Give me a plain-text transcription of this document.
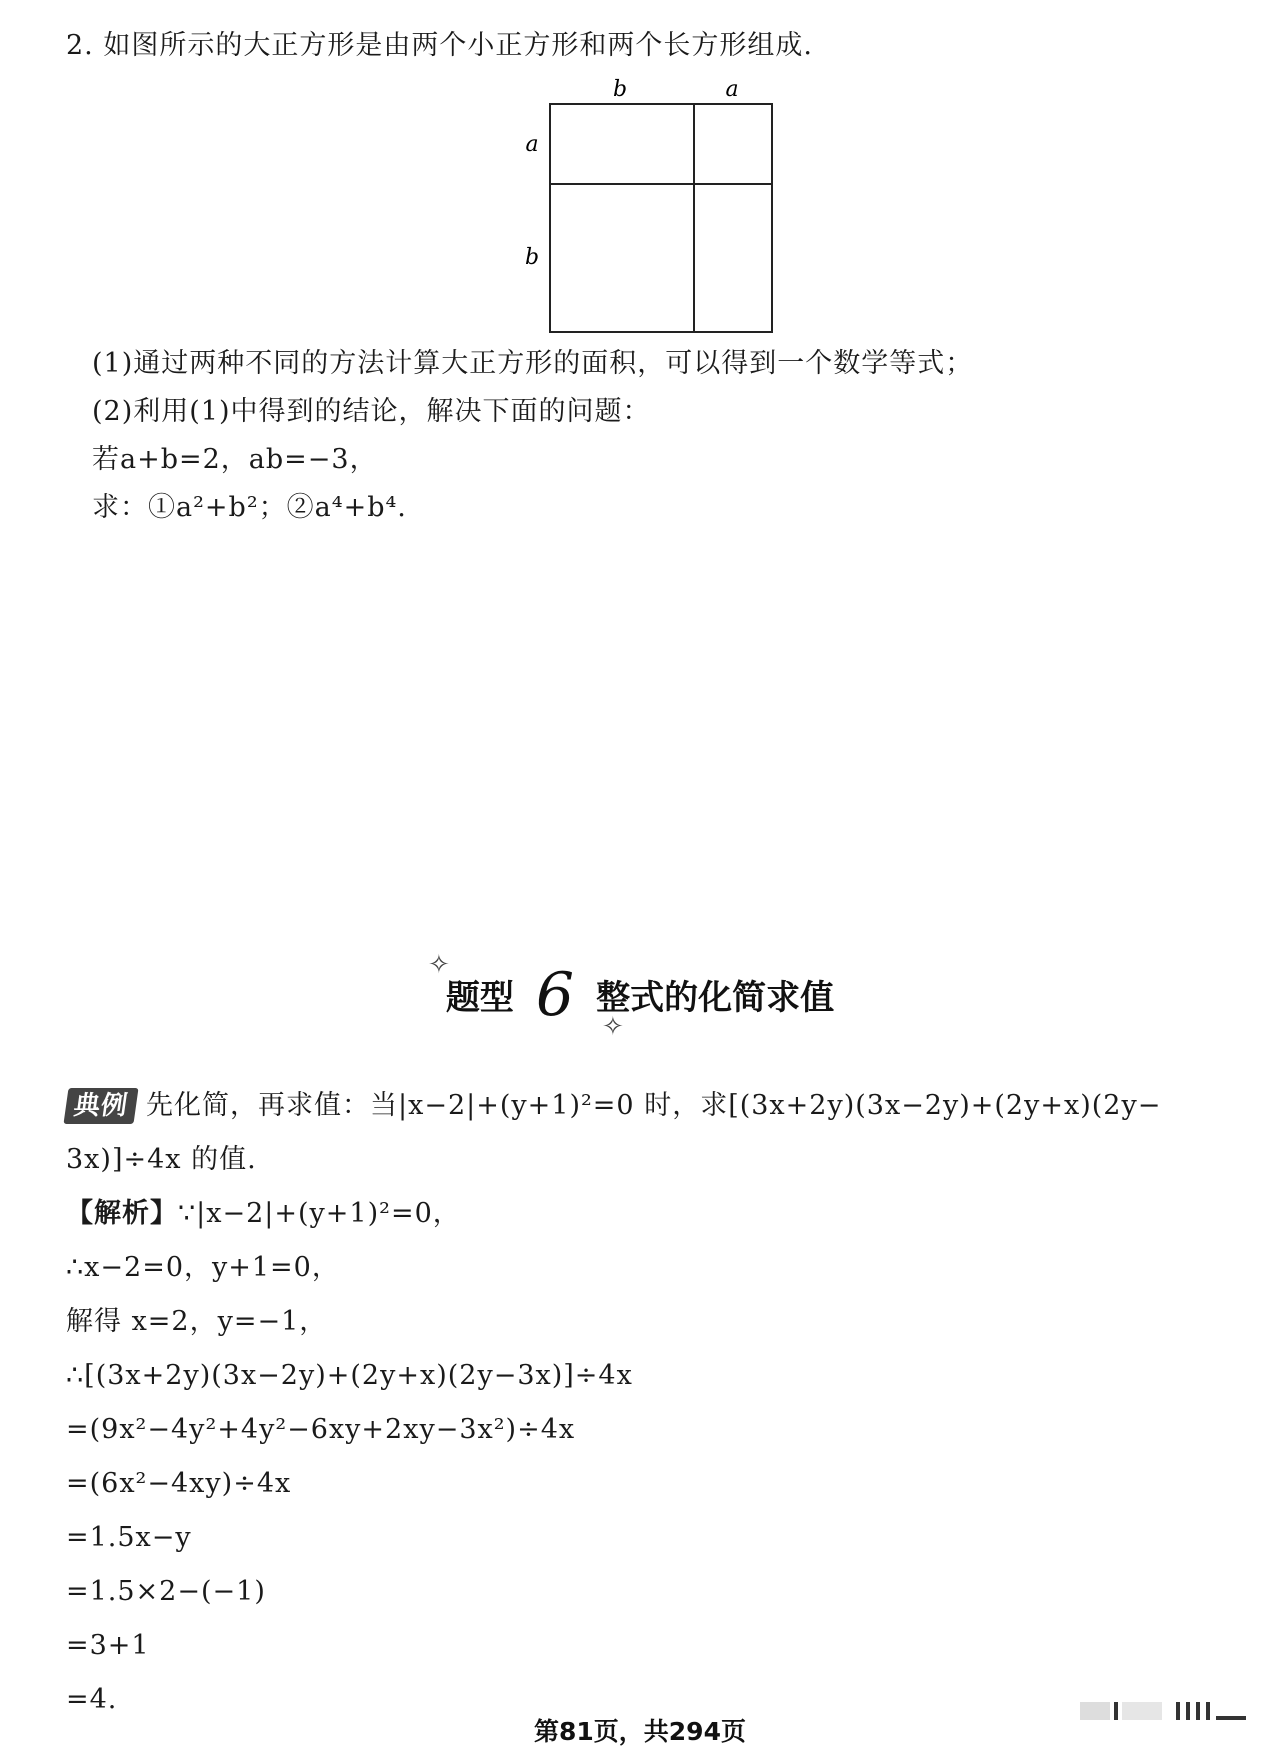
2. 如图所示的大正方形是由两个小正方形和两个长方形组成.
b	a
a
b
(1)通过两种不同的方法计算大正方形的面积，可以得到一个数学等式；
(2)利用(1)中得到的结论，解决下面的问题：
若a+b=2，ab=−3，
求：①a²+b²；②a⁴+b⁴.
✧
✧
题型 6 整式的化简求值
典例 先化简，再求值：当|x−2|+(y+1)²=0 时，求[(3x+2y)(3x−2y)+(2y+x)(2y−
3x)]÷4x 的值.
【解析】∵|x−2|+(y+1)²=0，
∴x−2=0，y+1=0，
解得 x=2，y=−1，
∴[(3x+2y)(3x−2y)+(2y+x)(2y−3x)]÷4x
=(9x²−4y²+4y²−6xy+2xy−3x²)÷4x
=(6x²−4xy)÷4x
=1.5x−y
=1.5×2−(−1)
=3+1
=4.
第81页，共294页
